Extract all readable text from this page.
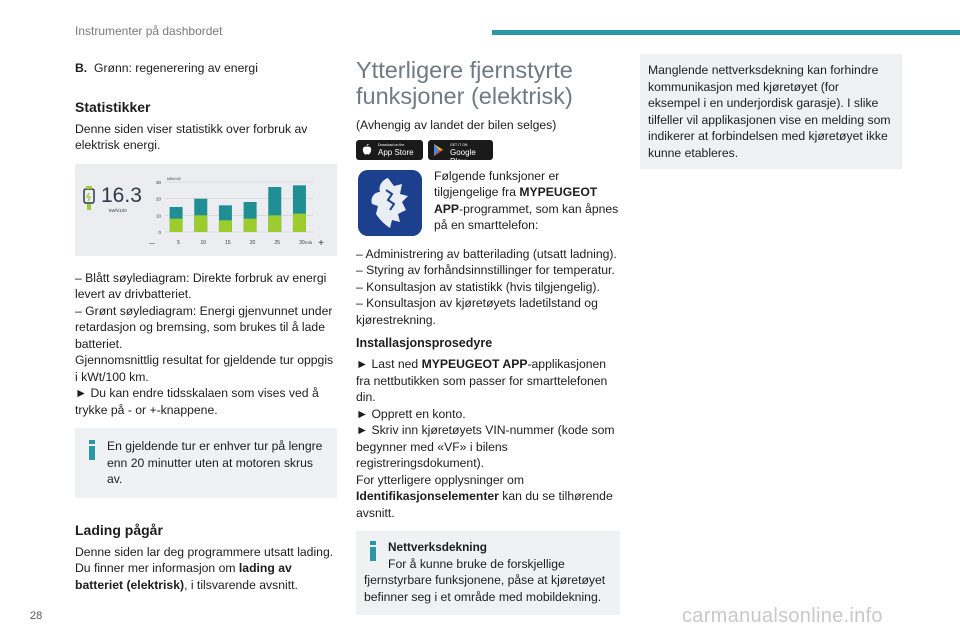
Instrumenter på dashbordet

B. Grønn: regenerering av energi

Statistikker

Denne siden viser statistikk over forbruk av elektrisk energi.

16.3
kWh/100
30
20
10
0
kWh/100
—	5	10	15	20	25	30 min +

– Blått søylediagram: Direkte forbruk av energi levert av drivbatteriet.

– Grønt søylediagram: Energi gjenvunnet under retardasjon og bremsing, som brukes til å lade batteriet.

Gjennomsnittlig resultat for gjeldende tur oppgis i kWt/100 km.

► Du kan endre tidsskalaen som vises ved å trykke på - or +-knappene.

En gjeldende tur er enhver tur på lengre enn 20 minutter uten at motoren skrus av.

Lading pågår

Denne siden lar deg programmere utsatt lading. Du finner mer informasjon om lading av batteriet (elektrisk), i tilsvarende avsnitt.

Ytterligere fjernstyrte funksjoner (elektrisk)

(Avhengig av landet der bilen selges)

Download on the
App Store
GET IT ON
Google Play

Følgende funksjoner er tilgjengelige fra MYPEUGEOT APP-programmet, som kan åpnes på en smarttelefon:

– Administrering av batterilading (utsatt ladning).

– Styring av forhåndsinnstillinger for temperatur.

– Konsultasjon av statistikk (hvis tilgjengelig).

– Konsultasjon av kjøretøyets ladetilstand og kjørestrekning.

Installasjonsprosedyre

► Last ned MYPEUGEOT APP-applikasjonen fra nettbutikken som passer for smarttelefonen din.

► Opprett en konto.

► Skriv inn kjøretøyets VIN-nummer (kode som begynner med «VF» i bilens registreringsdokument).

For ytterligere opplysninger om Identifikasjonselementer kan du se tilhørende avsnitt.

Nettverksdekning

For å kunne bruke de forskjellige fjernstyrbare funksjonene, påse at kjøretøyet befinner seg i et område med mobildekning.

Manglende nettverksdekning kan forhindre kommunikasjon med kjøretøyet (for eksempel i en underjordisk garasje). I slike tilfeller vil applikasjonen vise en melding som indikerer at forbindelsen med kjøretøyet ikke kunne etableres.

28	carmanualsonline.info
